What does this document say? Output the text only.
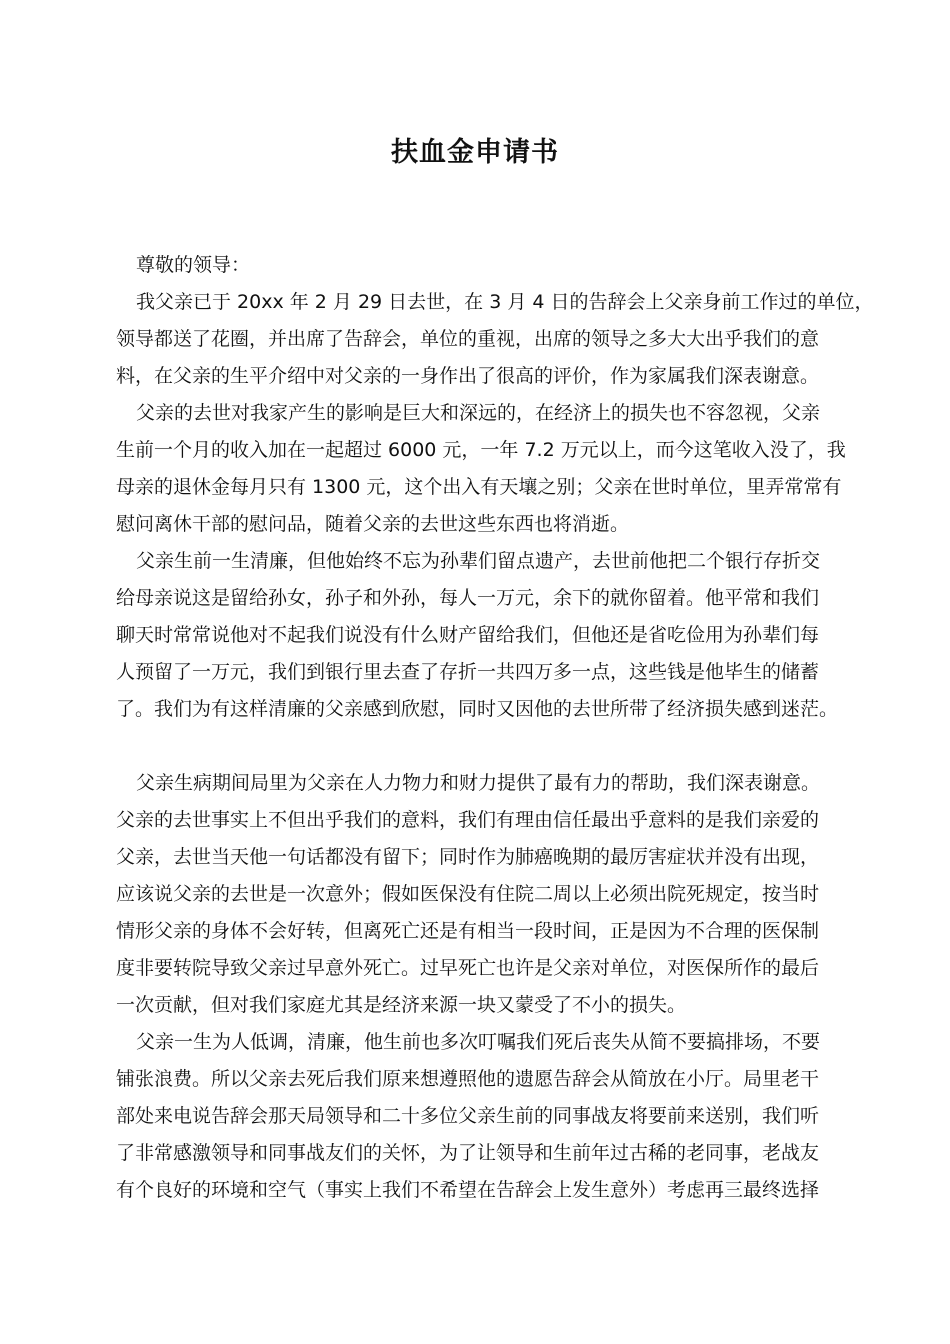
扶血金申请书
尊敬的领导：
我父亲已于 20xx 年 2 月 29 日去世，在 3 月 4 日的告辞会上父亲身前工作过的单位，
领导都送了花圈，并出席了告辞会，单位的重视，出席的领导之多大大出乎我们的意
料，在父亲的生平介绍中对父亲的一身作出了很高的评价，作为家属我们深表谢意。
父亲的去世对我家产生的影响是巨大和深远的，在经济上的损失也不容忽视，父亲
生前一个月的收入加在一起超过 6000 元，一年 7.2 万元以上，而今这笔收入没了，我
母亲的退休金每月只有 1300 元，这个出入有天壤之别；父亲在世时单位，里弄常常有
慰问离休干部的慰问品，随着父亲的去世这些东西也将消逝。
父亲生前一生清廉，但他始终不忘为孙辈们留点遗产，去世前他把二个银行存折交
给母亲说这是留给孙女，孙子和外孙，每人一万元，余下的就你留着。他平常和我们
聊天时常常说他对不起我们说没有什么财产留给我们，但他还是省吃俭用为孙辈们每
人预留了一万元，我们到银行里去查了存折一共四万多一点，这些钱是他毕生的储蓄
了。我们为有这样清廉的父亲感到欣慰，同时又因他的去世所带了经济损失感到迷茫。
父亲生病期间局里为父亲在人力物力和财力提供了最有力的帮助，我们深表谢意。
父亲的去世事实上不但出乎我们的意料，我们有理由信任最出乎意料的是我们亲爱的
父亲，去世当天他一句话都没有留下；同时作为肺癌晚期的最厉害症状并没有出现，
应该说父亲的去世是一次意外；假如医保没有住院二周以上必须出院死规定，按当时
情形父亲的身体不会好转，但离死亡还是有相当一段时间，正是因为不合理的医保制
度非要转院导致父亲过早意外死亡。过早死亡也许是父亲对单位，对医保所作的最后
一次贡献，但对我们家庭尤其是经济来源一块又蒙受了不小的损失。
父亲一生为人低调，清廉，他生前也多次叮嘱我们死后丧失从简不要搞排场，不要
铺张浪费。所以父亲去死后我们原来想遵照他的遗愿告辞会从简放在小厅。局里老干
部处来电说告辞会那天局领导和二十多位父亲生前的同事战友将要前来送别，我们听
了非常感激领导和同事战友们的关怀，为了让领导和生前年过古稀的老同事，老战友
有个良好的环境和空气（事实上我们不希望在告辞会上发生意外）考虑再三最终选择
